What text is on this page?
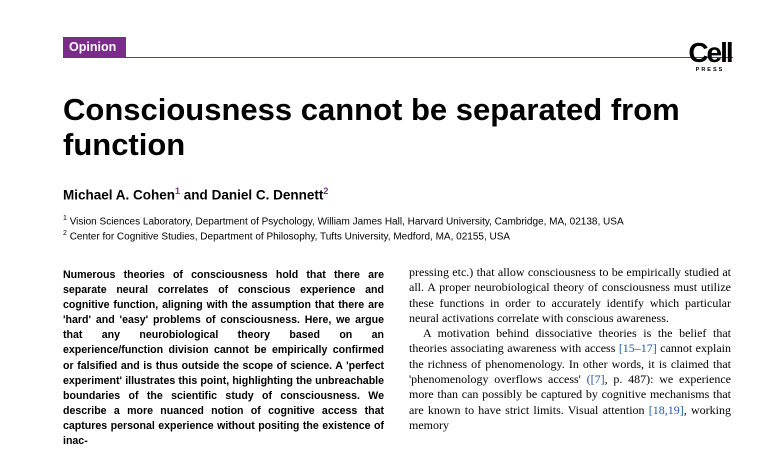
Opinion	Cell
PRESS
Consciousness cannot be separated from function
Michael A. Cohen$^1$ and Daniel C. Dennett$^2$
$^1$ Vision Sciences Laboratory, Department of Psychology, William James Hall, Harvard University, Cambridge, MA, 02138, USA
$^2$ Center for Cognitive Studies, Department of Philosophy, Tufts University, Medford, MA, 02155, USA

Numerous theories of consciousness hold that there are separate neural correlates of conscious experience and cognitive function, aligning with the assumption that there are 'hard' and 'easy' problems of consciousness. Here, we argue that any neurobiological theory based on an experience/function division cannot be empirically confirmed or falsified and is thus outside the scope of science. A 'perfect experiment' illustrates this point, highlighting the unbreachable boundaries of the scientific study of consciousness. We describe a more nuanced notion of cognitive access that captures personal experience without positing the existence of inac-

pressing etc.) that allow consciousness to be empirically studied at all. A proper neurobiological theory of consciousness must utilize these functions in order to accurately identify which particular neural activations correlate with conscious awareness.

A motivation behind dissociative theories is the belief that theories associating awareness with access [15–17] cannot explain the richness of phenomenology. In other words, it is claimed that 'phenomenology overflows access' ([7], p. 487): we experience more than can possibly be captured by cognitive mechanisms that are known to have strict limits. Visual attention [18,19], working memory
